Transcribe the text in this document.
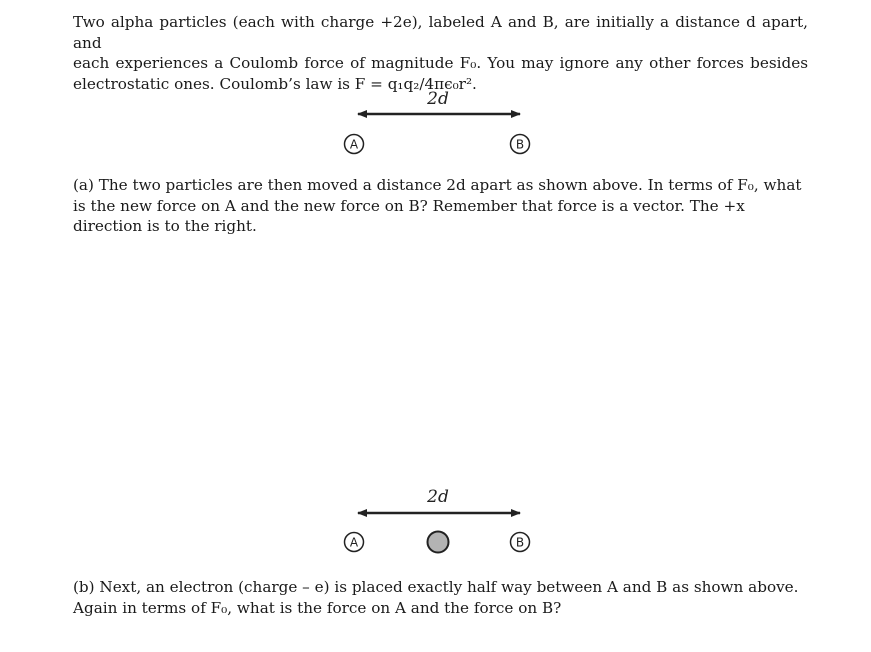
Two alpha particles (each with charge +2e), labeled A and B, are initially a distance d apart, and
each experiences a Coulomb force of magnitude F₀. You may ignore any other forces besides
electrostatic ones. Coulomb’s law is F = q₁q₂/4πϵ₀r².
2d
A	B

(a) The two particles are then moved a distance 2d apart as shown above. In terms of F₀, what is the new force on A and the new force on B? Remember that force is a vector. The +x direction is to the right.

2d
A	B

(b) Next, an electron (charge – e) is placed exactly half way between A and B as shown above. Again in terms of F₀, what is the force on A and the force on B?
